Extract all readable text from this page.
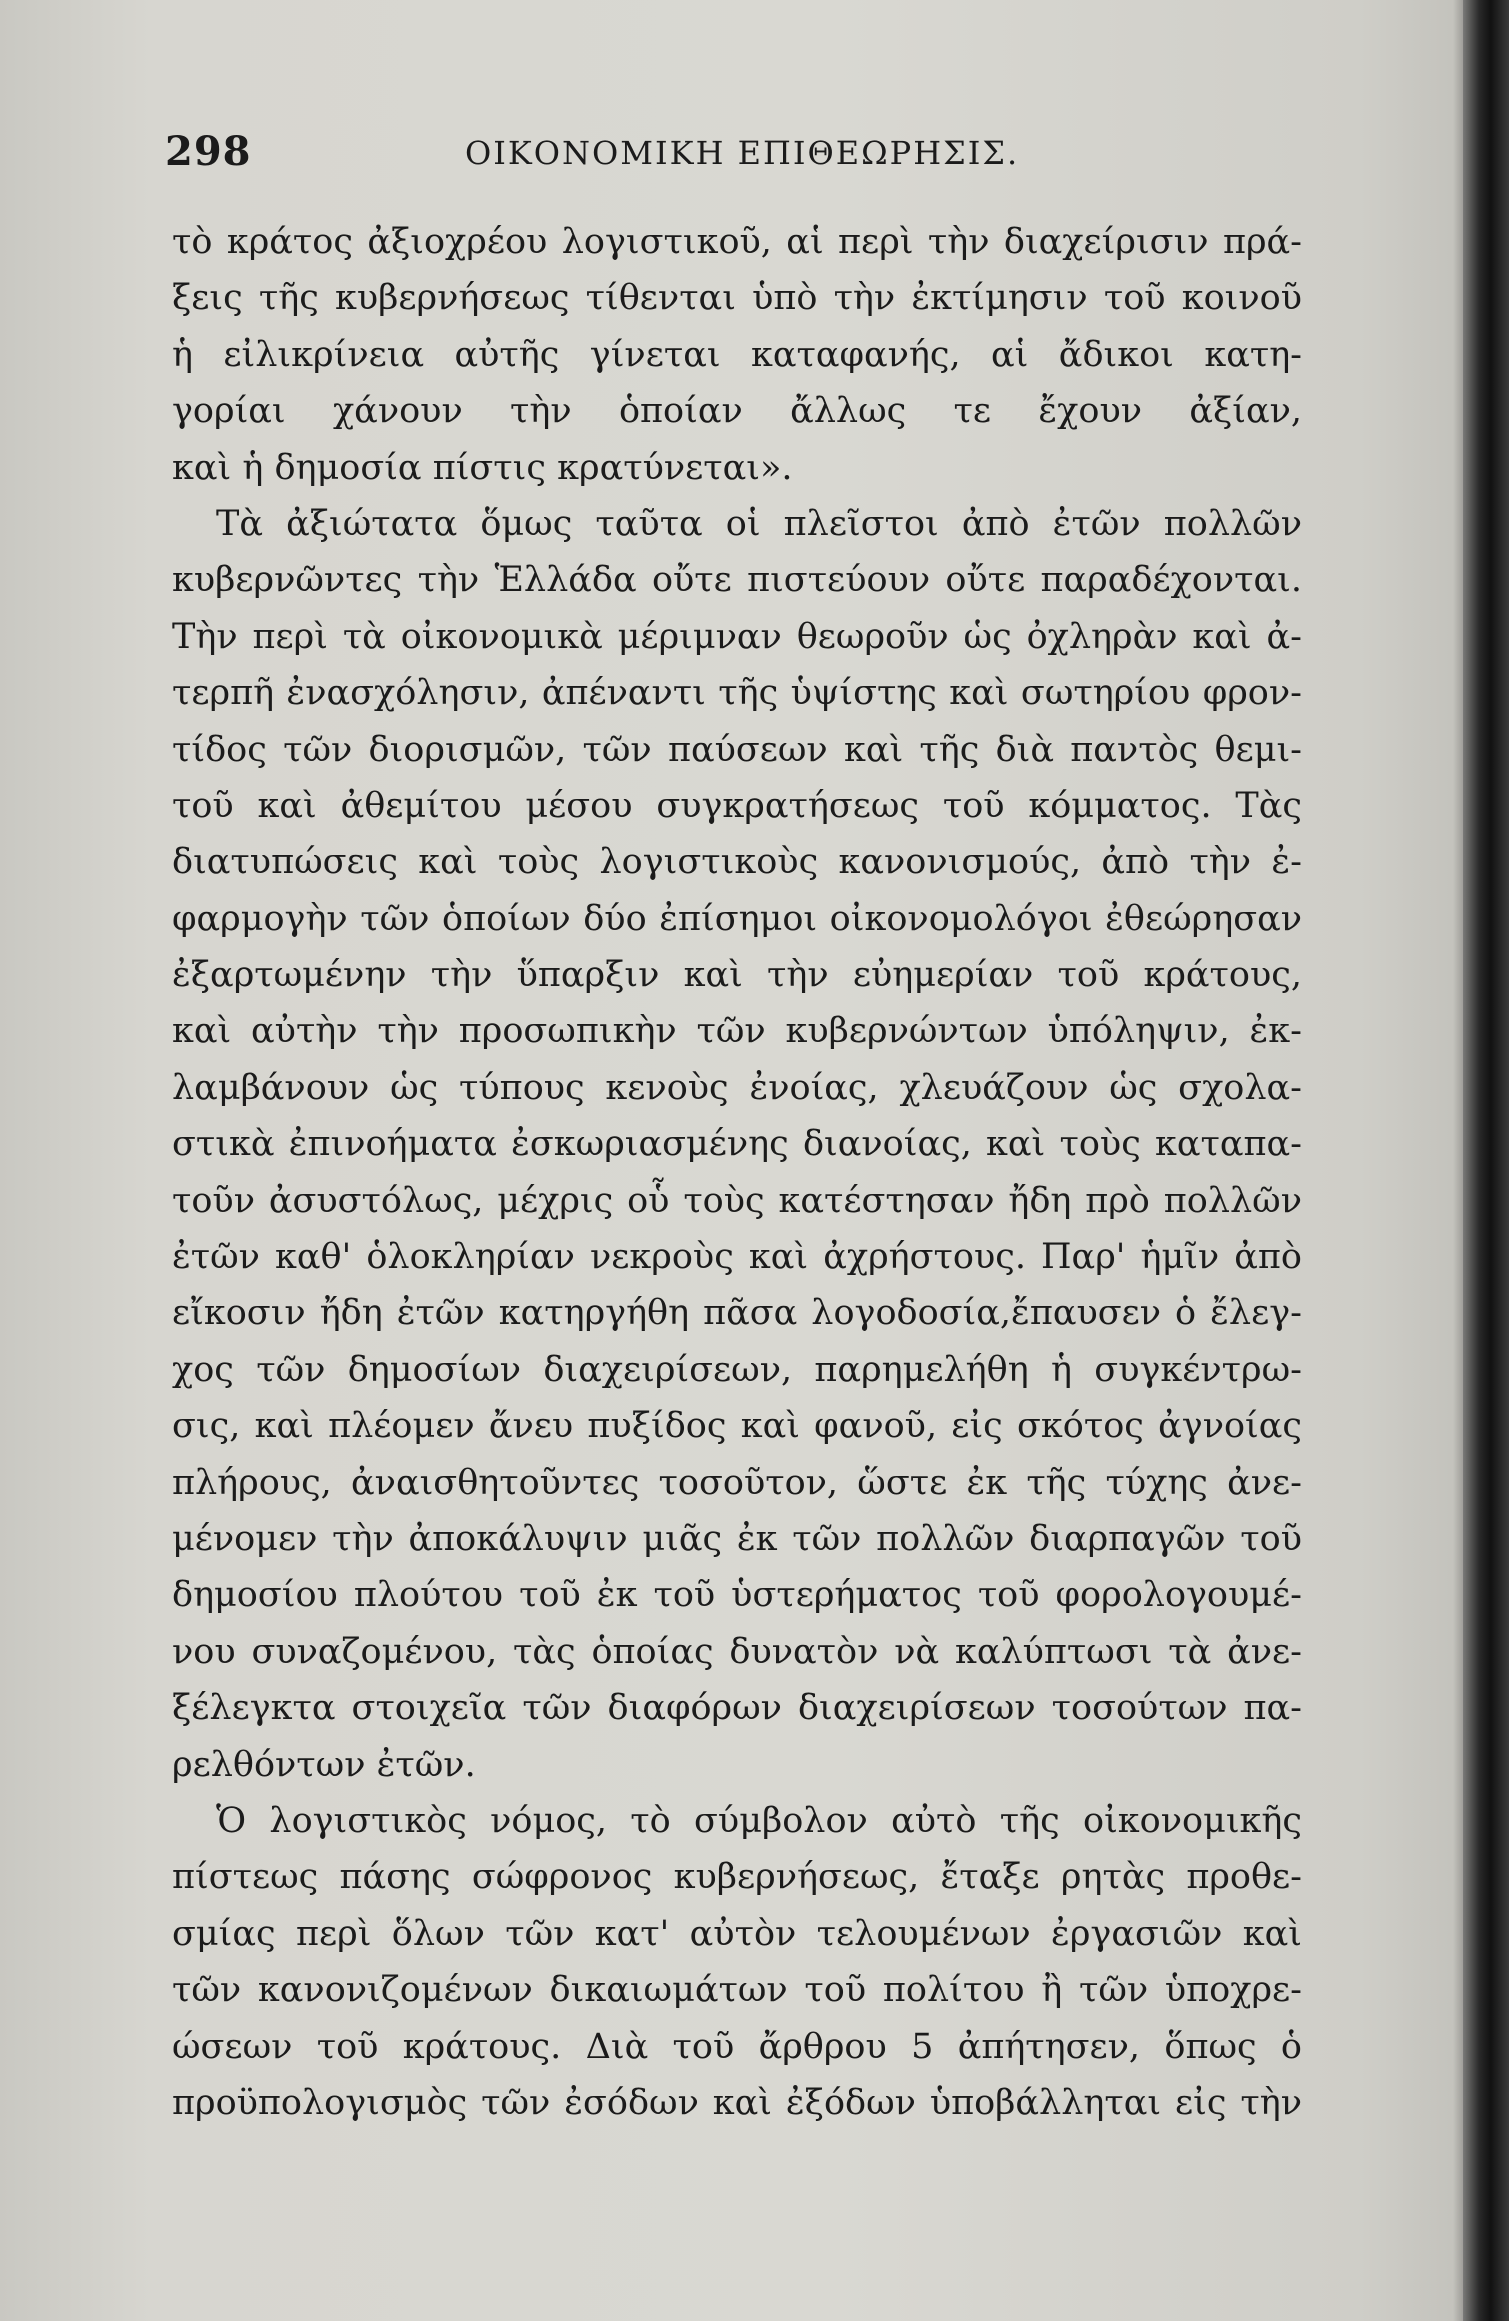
298	ΟΙΚΟΝΟΜΙΚΗ ΕΠΙΘΕΩΡΗΣΙΣ.
τὸ κράτος ἀξιοχρέου λογιστικοῦ, αἱ περὶ τὴν διαχείρισιν πρά-
ξεις τῆς κυβερνήσεως τίθενται ὑπὸ τὴν ἐκτίμησιν τοῦ κοινοῦ
ἡ εἰλικρίνεια αὐτῆς γίνεται καταφανής, αἱ ἄδικοι κατη-
γορίαι χάνουν τὴν ὁποίαν ἄλλως τε ἔχουν ἀξίαν,
καὶ ἡ δημοσία πίστις κρατύνεται».
Τὰ ἀξιώτατα ὅμως ταῦτα οἱ πλεῖστοι ἀπὸ ἐτῶν πολλῶν
κυβερνῶντες τὴν Ἑλλάδα οὔτε πιστεύουν οὔτε παραδέχονται.
Τὴν περὶ τὰ οἰκονομικὰ μέριμναν θεωροῦν ὡς ὀχληρὰν καὶ ἀ-
τερπῆ ἐνασχόλησιν, ἀπέναντι τῆς ὑψίστης καὶ σωτηρίου φρον-
τίδος τῶν διορισμῶν, τῶν παύσεων καὶ τῆς διὰ παντὸς θεμι-
τοῦ καὶ ἀθεμίτου μέσου συγκρατήσεως τοῦ κόμματος. Τὰς
διατυπώσεις καὶ τοὺς λογιστικοὺς κανονισμούς, ἀπὸ τὴν ἐ-
φαρμογὴν τῶν ὁποίων δύο ἐπίσημοι οἰκονομολόγοι ἐθεώρησαν
ἐξαρτωμένην τὴν ὕπαρξιν καὶ τὴν εὐημερίαν τοῦ κράτους,
καὶ αὐτὴν τὴν προσωπικὴν τῶν κυβερνώντων ὑπόληψιν, ἐκ-
λαμβάνουν ὡς τύπους κενοὺς ἐνοίας, χλευάζουν ὡς σχολα-
στικὰ ἐπινοήματα ἐσκωριασμένης διανοίας, καὶ τοὺς καταπα-
τοῦν ἀσυστόλως, μέχρις οὗ τοὺς κατέστησαν ἤδη πρὸ πολλῶν
ἐτῶν καθ' ὁλοκληρίαν νεκροὺς καὶ ἀχρήστους. Παρ' ἡμῖν ἀπὸ
εἴκοσιν ἤδη ἐτῶν κατηργήθη πᾶσα λογοδοσία,ἔπαυσεν ὁ ἔλεγ-
χος τῶν δημοσίων διαχειρίσεων, παρημελήθη ἡ συγκέντρω-
σις, καὶ πλέομεν ἄνευ πυξίδος καὶ φανοῦ, εἰς σκότος ἀγνοίας
πλήρους, ἀναισθητοῦντες τοσοῦτον, ὥστε ἐκ τῆς τύχης ἀνε-
μένομεν τὴν ἀποκάλυψιν μιᾶς ἐκ τῶν πολλῶν διαρπαγῶν τοῦ
δημοσίου πλούτου τοῦ ἐκ τοῦ ὑστερήματος τοῦ φορολογουμέ-
νου συναζομένου, τὰς ὁποίας δυνατὸν νὰ καλύπτωσι τὰ ἀνε-
ξέλεγκτα στοιχεῖα τῶν διαφόρων διαχειρίσεων τοσούτων πα-
ρελθόντων ἐτῶν.
Ὁ λογιστικὸς νόμος, τὸ σύμβολον αὐτὸ τῆς οἰκονομικῆς
πίστεως πάσης σώφρονος κυβερνήσεως, ἔταξε ρητὰς προθε-
σμίας περὶ ὅλων τῶν κατ' αὐτὸν τελουμένων ἐργασιῶν καὶ
τῶν κανονιζομένων δικαιωμάτων τοῦ πολίτου ἢ τῶν ὑποχρε-
ώσεων τοῦ κράτους. Διὰ τοῦ ἄρθρου 5 ἀπήτησεν, ὅπως ὁ
προϋπολογισμὸς τῶν ἐσόδων καὶ ἐξόδων ὑποβάλληται εἰς τὴν
